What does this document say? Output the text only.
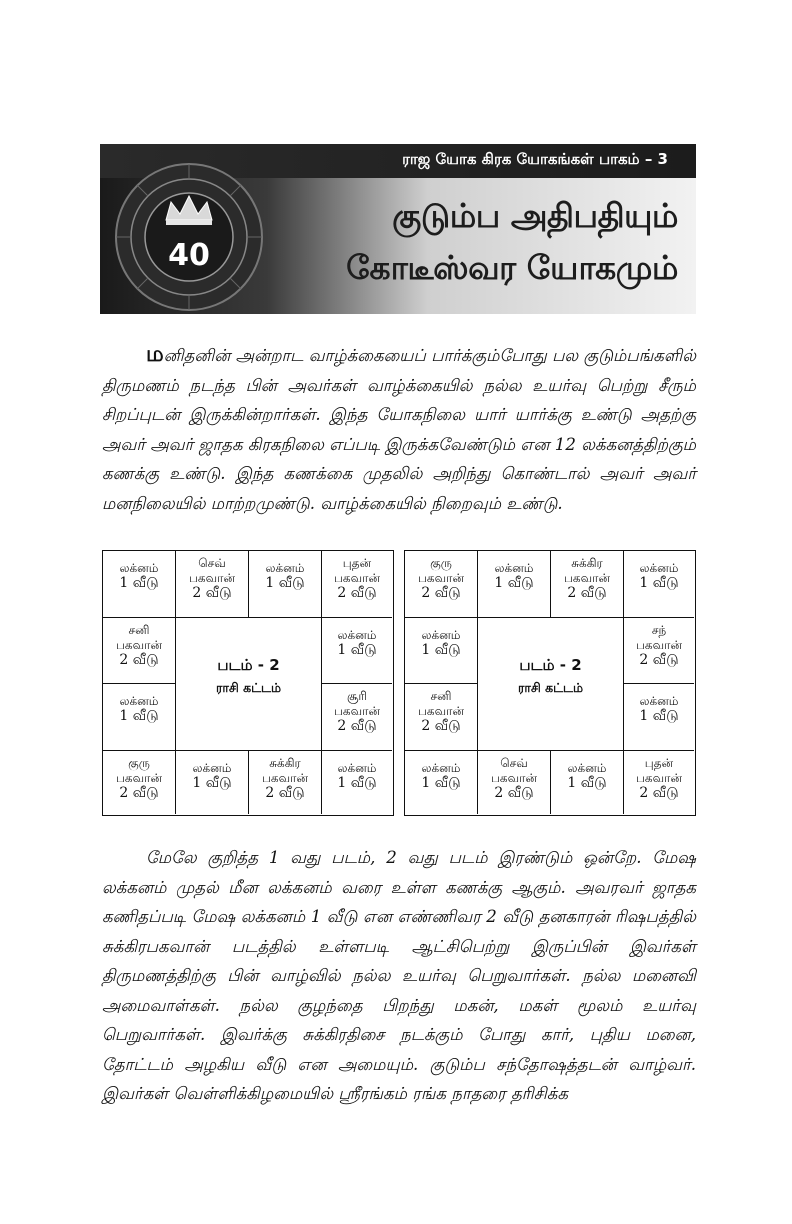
ராஜ யோக கிரக யோகங்கள் பாகம் – 3
40
குடும்ப அதிபதியும்
கோடீஸ்வர யோகமும்
மனிதனின் அன்றாட வாழ்க்கையைப் பார்க்கும்போது பல குடும்பங்களில் திருமணம் நடந்த பின் அவர்கள் வாழ்க்கையில் நல்ல உயர்வு பெற்று சீரும் சிறப்புடன் இருக்கின்றார்கள். இந்த யோகநிலை யார் யார்க்கு உண்டு அதற்கு அவர் அவர் ஜாதக கிரகநிலை எப்படி இருக்கவேண்டும் என 12 லக்கனத்திற்கும் கணக்கு உண்டு. இந்த கணக்கை முதலில் அறிந்து கொண்டால் அவர் அவர் மனநிலையில் மாற்றமுண்டு. வாழ்க்கையில் நிறைவும் உண்டு.
படம் - 2
ராசி கட்டம்
லக்னம்
1 வீடு
செவ்
பகவான்
2 வீடு
லக்னம்
1 வீடு
புதன்
பகவான்
2 வீடு
சனி
பகவான்
2 வீடு
லக்னம்
1 வீடு
லக்னம்
1 வீடு
சூரி
பகவான்
2 வீடு
குரு
பகவான்
2 வீடு
லக்னம்
1 வீடு
சுக்கிர
பகவான்
2 வீடு
லக்னம்
1 வீடு
படம் - 2
ராசி கட்டம்
குரு
பகவான்
2 வீடு
லக்னம்
1 வீடு
சுக்கிர
பகவான்
2 வீடு
லக்னம்
1 வீடு
லக்னம்
1 வீடு
சந்
பகவான்
2 வீடு
சனி
பகவான்
2 வீடு
லக்னம்
1 வீடு
லக்னம்
1 வீடு
செவ்
பகவான்
2 வீடு
லக்னம்
1 வீடு
புதன்
பகவான்
2 வீடு
மேலே குறித்த 1 வது படம், 2 வது படம் இரண்டும் ஒன்றே. மேஷ லக்கனம் முதல் மீன லக்கனம் வரை உள்ள கணக்கு ஆகும். அவரவர் ஜாதக கணிதப்படி மேஷ லக்கனம் 1 வீடு என எண்ணிவர 2 வீடு தனகாரன் ரிஷபத்தில் சுக்கிரபகவான் படத்தில் உள்ளபடி ஆட்சிபெற்று இருப்பின் இவர்கள் திருமணத்திற்கு பின் வாழ்வில் நல்ல உயர்வு பெறுவார்கள். நல்ல மனைவி அமைவாள்கள். நல்ல குழந்தை பிறந்து மகன், மகள் மூலம் உயர்வு பெறுவார்கள். இவர்க்கு சுக்கிரதிசை நடக்கும் போது கார், புதிய மனை, தோட்டம் அழகிய வீடு என அமையும். குடும்ப சந்தோஷத்தடன் வாழ்வர். இவர்கள் வெள்ளிக்கிழமையில் ஸ்ரீரங்கம் ரங்க நாதரை தரிசிக்க
